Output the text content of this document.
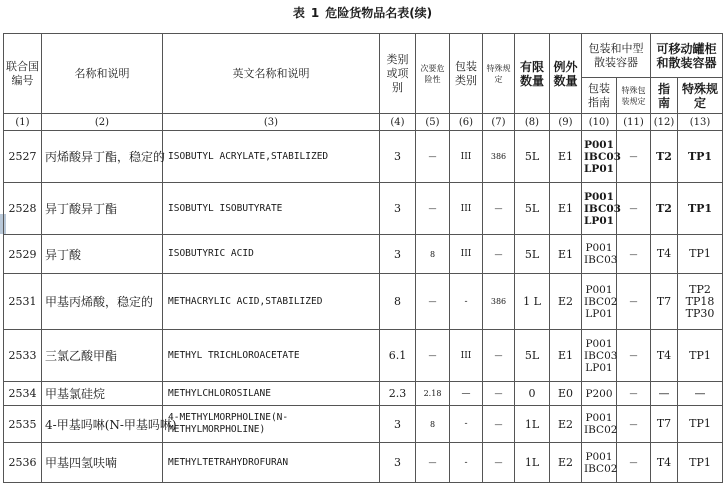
表 1 危险货物品名表(续)
联合国编号	名称和说明	英文名称和说明	类别或项别	次要危险性	包装类别	特殊规定	有限数量	例外数量	包装和中型散装容器		可移动罐柜和散装容器	
									包装指南	特殊包装规定	指南	特殊规定
(1)	(2)	(3)	(4)	(5)	(6)	(7)	(8)	(9)	(10)	(11)	(12)	(13)
2527	丙烯酸异丁酯，稳定的	ISOBUTYL ACRYLATE,STABILIZED	3	—	III	386	5L	E1	P001
IBC03
LP01	—	T2	TP1
2528	异丁酸异丁酯	ISOBUTYL ISOBUTYRATE	3	—	III	—	5L	E1	P001
IBC03
LP01	—	T2	TP1
2529	异丁酸	ISOBUTYRIC ACID	3	8	III	—	5L	E1	P001
IBC03	—	T4	TP1
2531	甲基丙烯酸，稳定的	METHACRYLIC ACID,STABILIZED	8	—	-	386	1 L	E2	P001
IBC02
LP01	—	T7	TP2
TP18
TP30
2533	三氯乙酸甲酯	METHYL TRICHLOROACETATE	6.1	—	III	—	5L	E1	P001
IBC03
LP01	—	T4	TP1
2534	甲基氯硅烷	METHYLCHLOROSILANE	2.3	2.18	—	—	0	E0	P200	—	—	—
2535	4-甲基吗啉(N-甲基吗啉)	4-METHYLMORPHOLINE(N-METHYLMORPHOLINE)	3	8	-	—	1L	E2	P001
IBC02	—	T7	TP1
2536	甲基四氢呋喃	METHYLTETRAHYDROFURAN	3	—	-	—	1L	E2	P001
IBC02	—	T4	TP1
